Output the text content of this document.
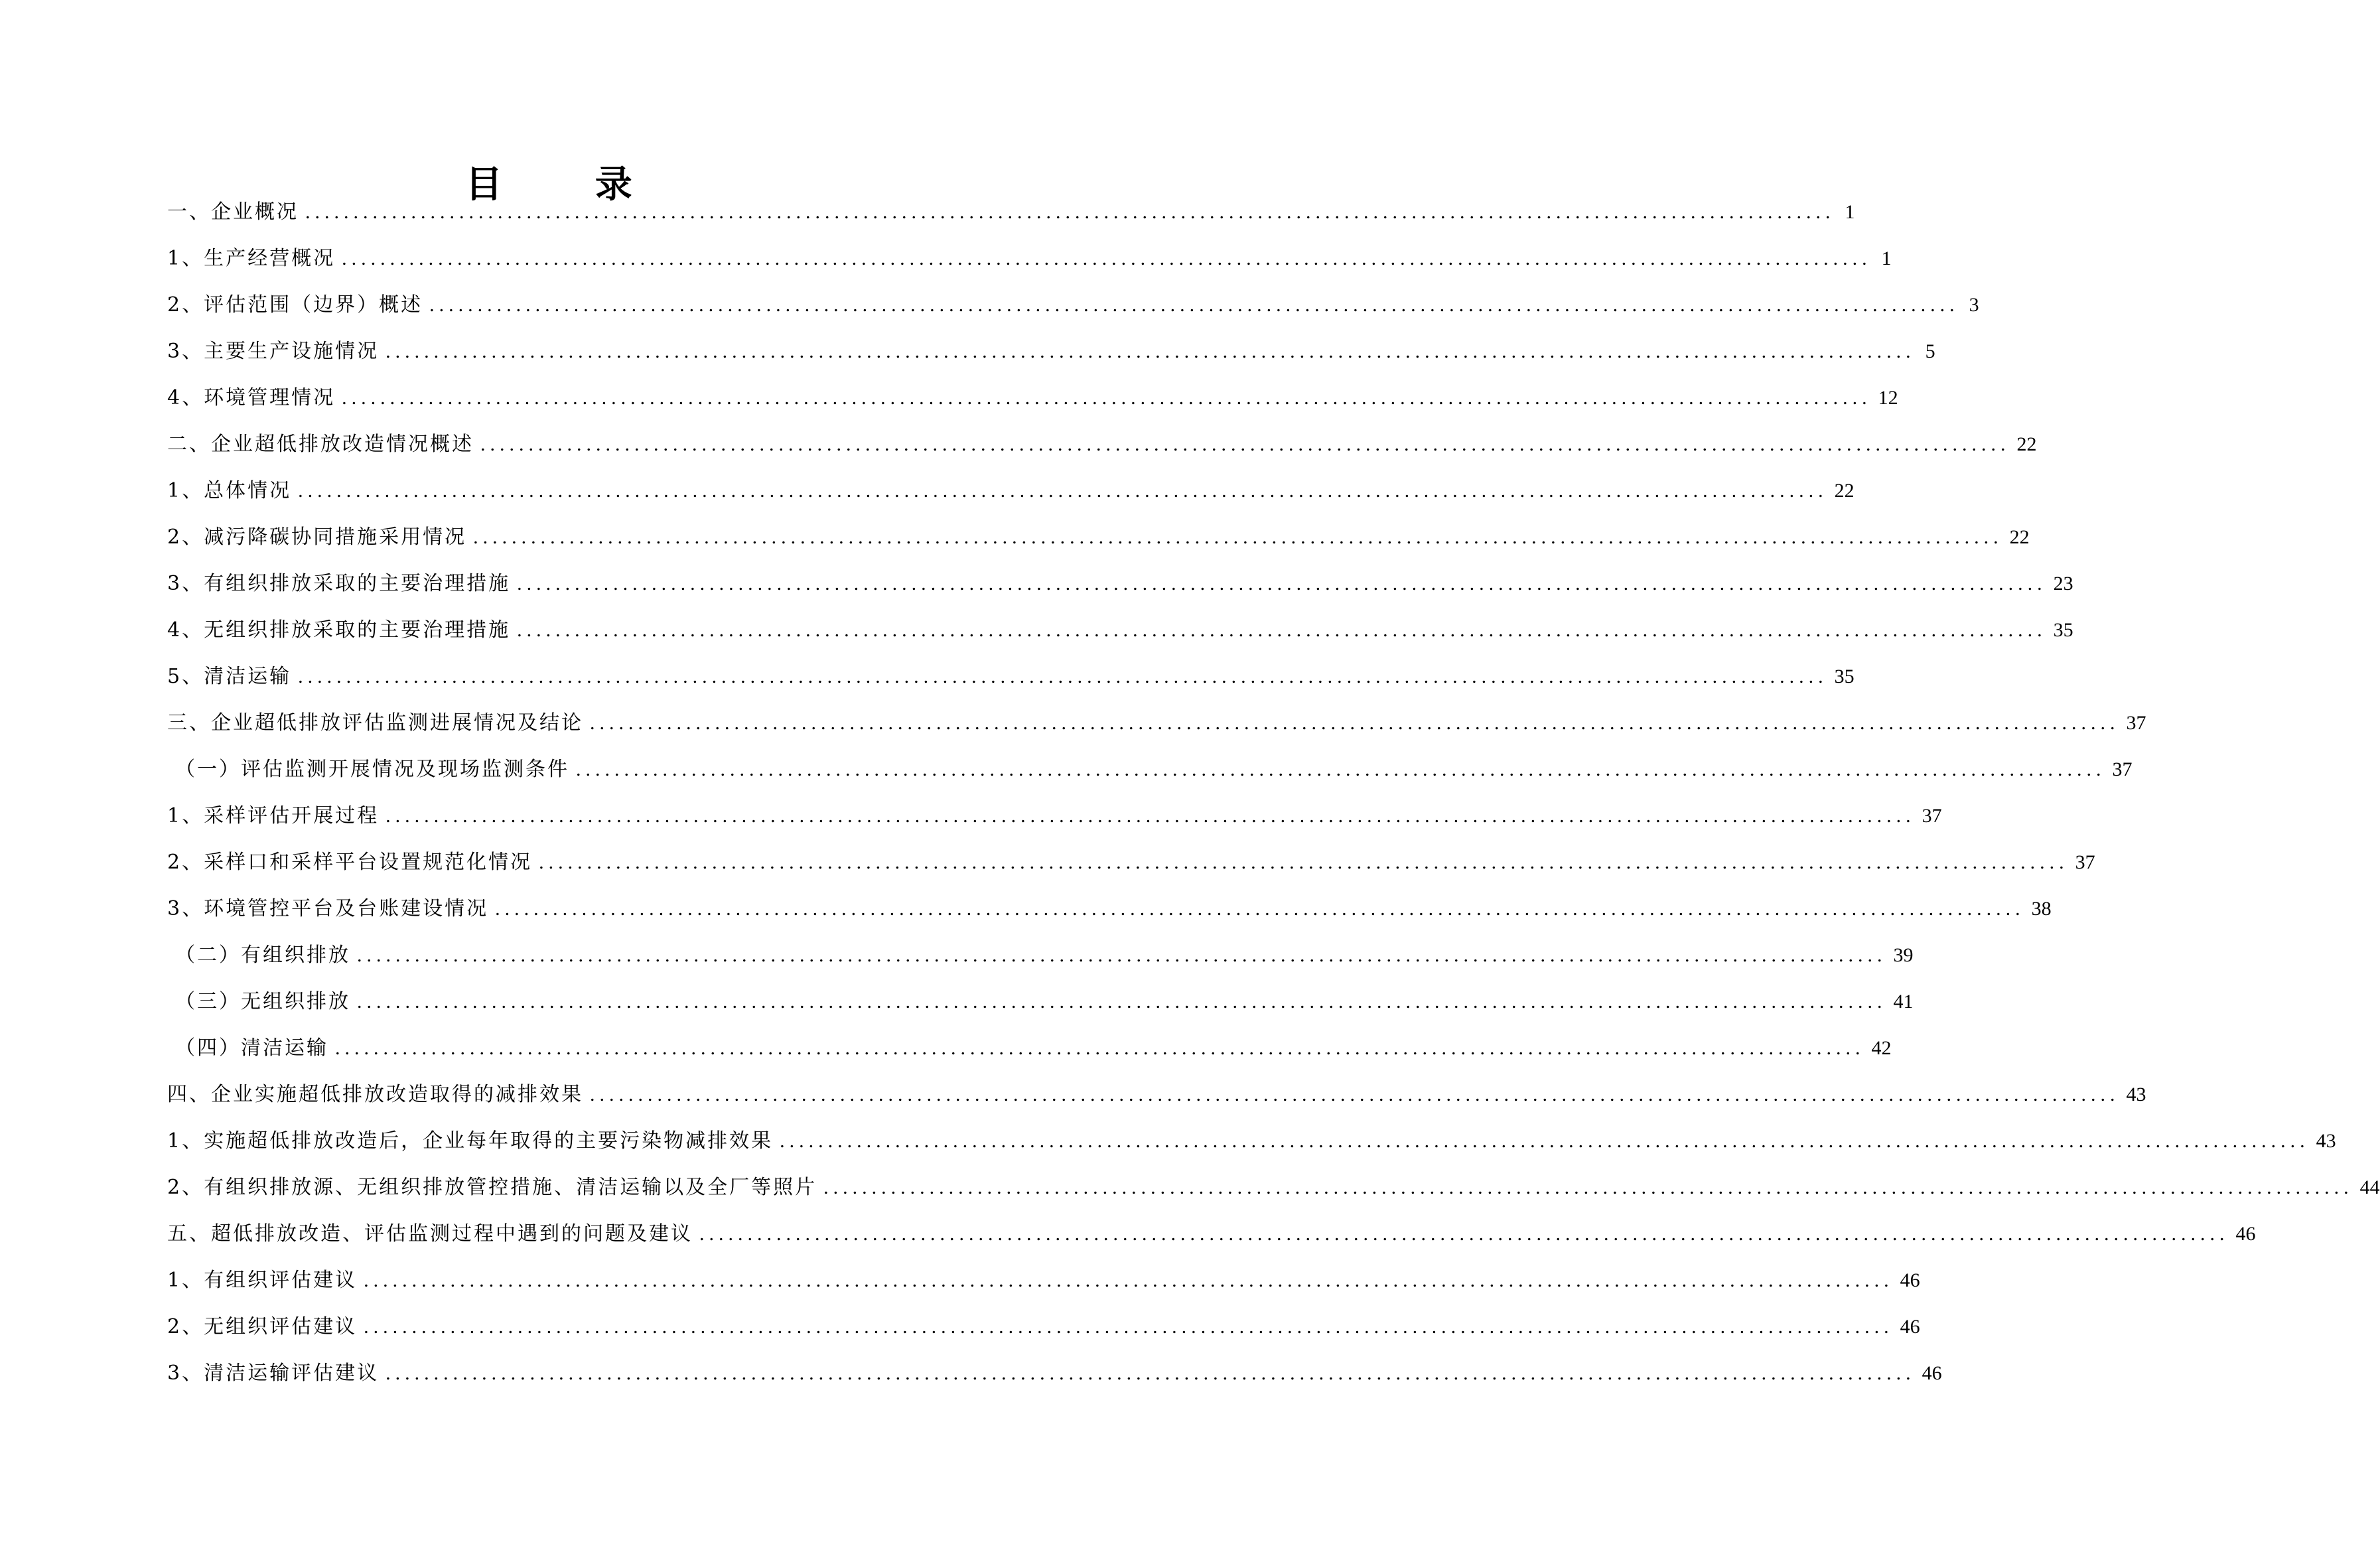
目 录
一、企业概况 ............................................................................................................................................................... 1
1、生产经营概况 ............................................................................................................................................................... 1
2、评估范围（边界）概述 ............................................................................................................................................................... 3
3、主要生产设施情况 ............................................................................................................................................................... 5
4、环境管理情况 ............................................................................................................................................................... 12
二、企业超低排放改造情况概述 ............................................................................................................................................................... 22
1、总体情况 ............................................................................................................................................................... 22
2、减污降碳协同措施采用情况 ............................................................................................................................................................... 22
3、有组织排放采取的主要治理措施 ............................................................................................................................................................... 23
4、无组织排放采取的主要治理措施 ............................................................................................................................................................... 35
5、清洁运输 ............................................................................................................................................................... 35
三、企业超低排放评估监测进展情况及结论 ............................................................................................................................................................... 37
（一）评估监测开展情况及现场监测条件 ............................................................................................................................................................... 37
1、采样评估开展过程 ............................................................................................................................................................... 37
2、采样口和采样平台设置规范化情况 ............................................................................................................................................................... 37
3、环境管控平台及台账建设情况 ............................................................................................................................................................... 38
（二）有组织排放 ............................................................................................................................................................... 39
（三）无组织排放 ............................................................................................................................................................... 41
（四）清洁运输 ............................................................................................................................................................... 42
四、企业实施超低排放改造取得的减排效果 ............................................................................................................................................................... 43
1、实施超低排放改造后，企业每年取得的主要污染物减排效果 ............................................................................................................................................................... 43
2、有组织排放源、无组织排放管控措施、清洁运输以及全厂等照片 ............................................................................................................................................................... 44
五、超低排放改造、评估监测过程中遇到的问题及建议 ............................................................................................................................................................... 46
1、有组织评估建议 ............................................................................................................................................................... 46
2、无组织评估建议 ............................................................................................................................................................... 46
3、清洁运输评估建议 ............................................................................................................................................................... 46
